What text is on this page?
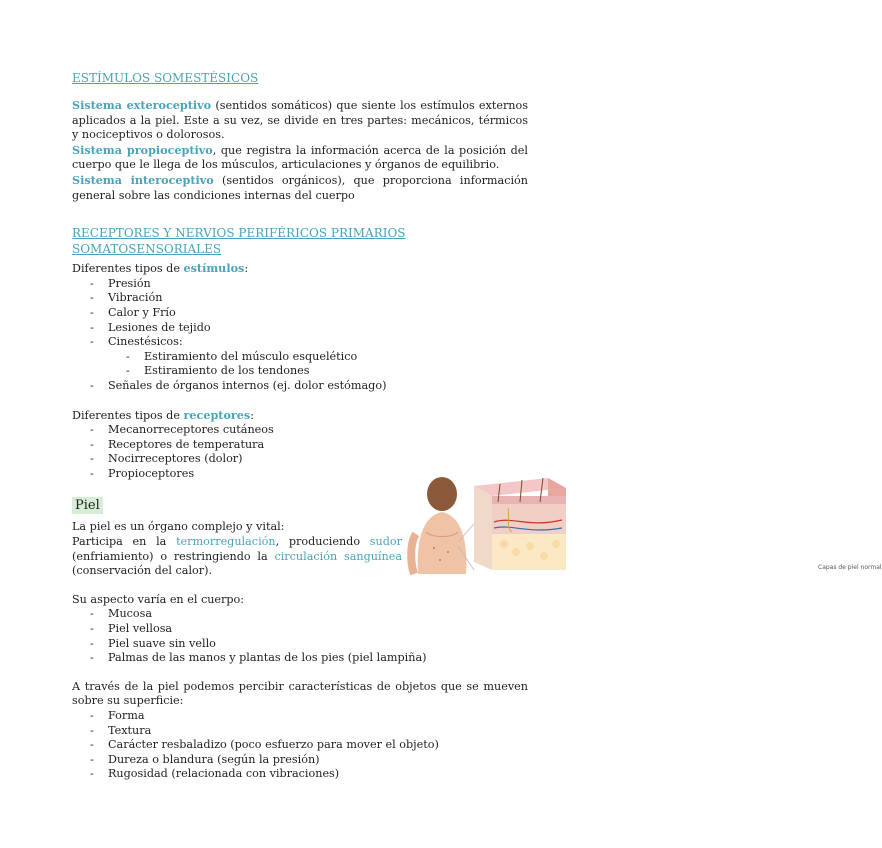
ESTÍMULOS SOMESTÉSICOS

Sistema exteroceptivo (sentidos somáticos) que siente los estímulos externos aplicados a la piel. Este a su vez, se divide en tres partes: mecánicos, térmicos y nociceptivos o dolorosos.

Sistema propioceptivo, que registra la información acerca de la posición del cuerpo que le llega de los músculos, articulaciones y órganos de equilibrio.

Sistema interoceptivo (sentidos orgánicos), que proporciona información general sobre las condiciones internas del cuerpo

RECEPTORES Y NERVIOS PERIFÉRICOS PRIMARIOS SOMATOSENSORIALES

Diferentes tipos de estímulos:

- Presión
- Vibración
- Calor y Frío
- Lesiones de tejido
- Cinestésicos:
- Estiramiento del músculo esquelético
- Estiramiento de los tendones
- Señales de órganos internos (ej. dolor estómago)

Diferentes tipos de receptores:

- Mecanorreceptores cutáneos
- Receptores de temperatura
- Nocirreceptores (dolor)
- Propioceptores

Piel

La piel es un órgano complejo y vital:

Participa en la termorregulación, produciendo sudor (enfriamiento) o restringiendo la circulación sanguínea (conservación del calor).

Su aspecto varía en el cuerpo:

- Mucosa
- Piel vellosa
- Piel suave sin vello
- Palmas de las manos y plantas de los pies (piel lampiña)

A través de la piel podemos percibir características de objetos que se mueven sobre su superficie:

- Forma
- Textura
- Carácter resbaladizo (poco esfuerzo para mover el objeto)
- Dureza o blandura (según la presión)
- Rugosidad (relacionada con vibraciones)
Capas de piel normal
